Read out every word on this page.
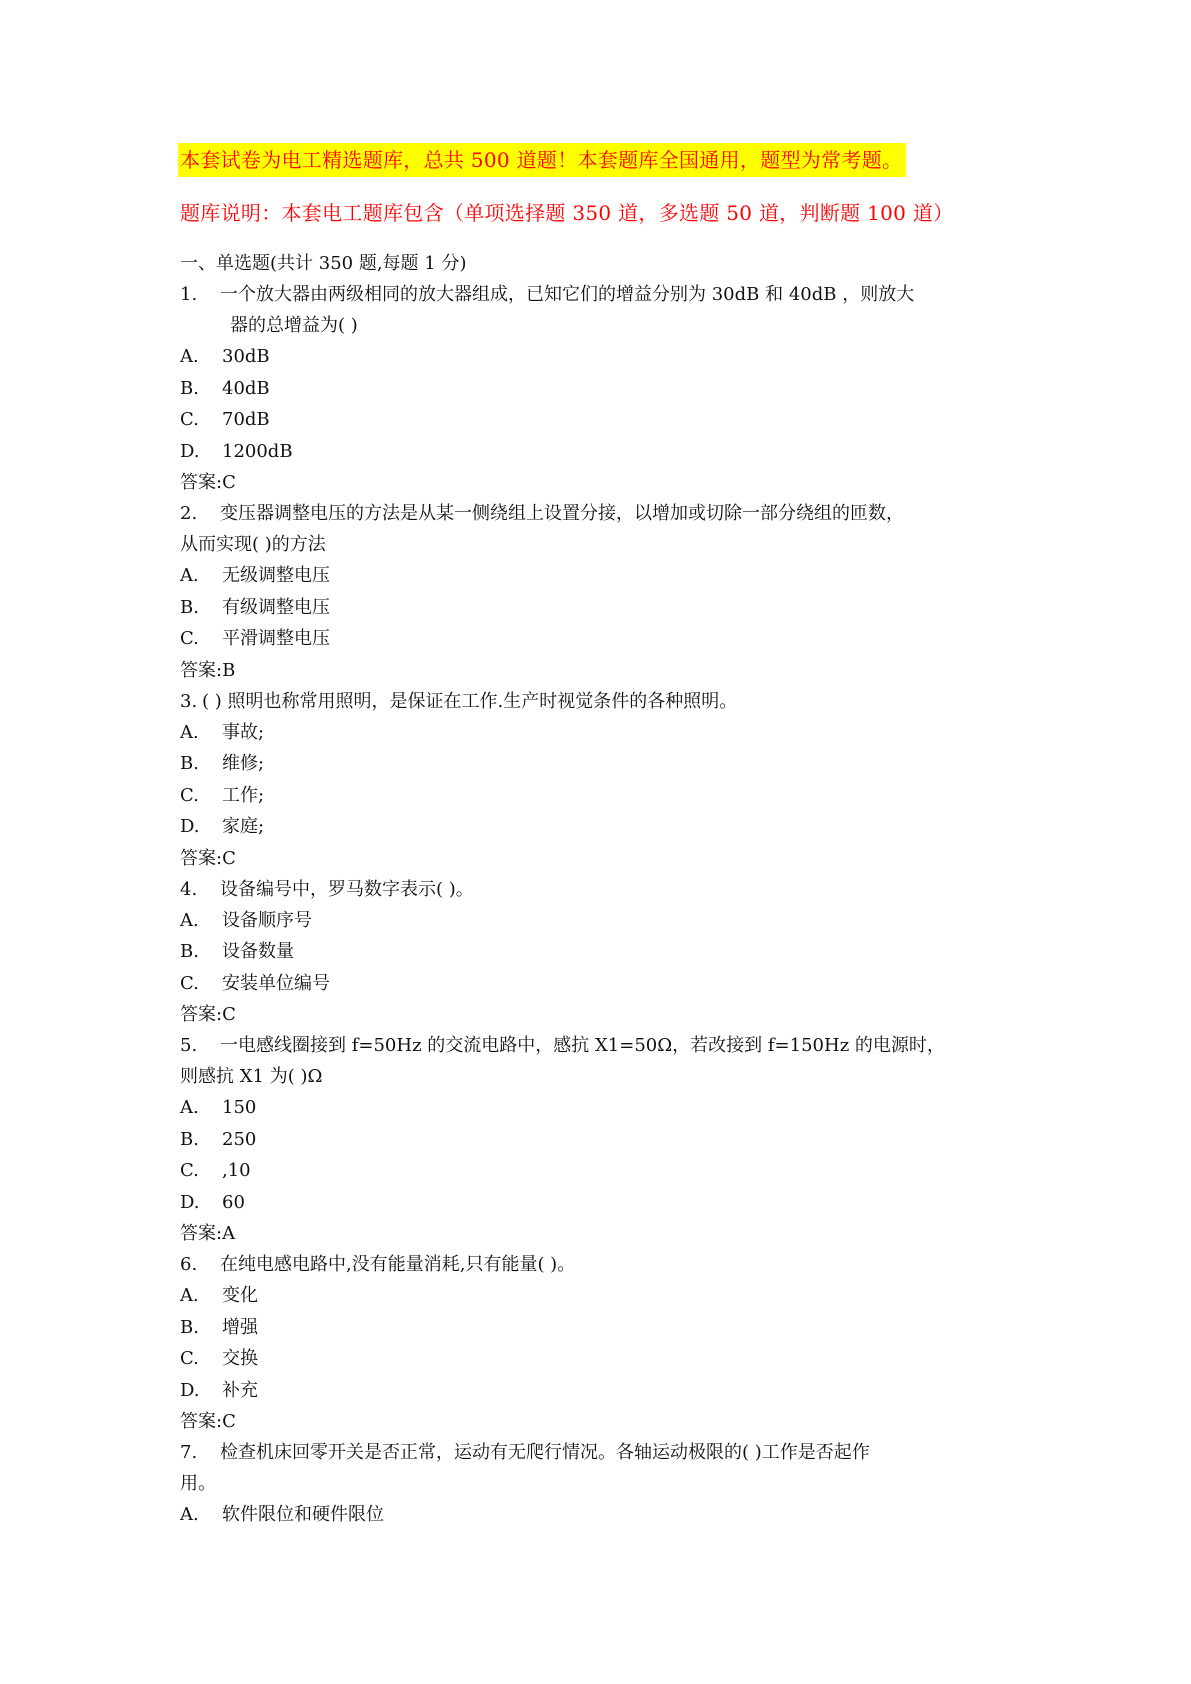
本套试卷为电工精选题库，总共 500 道题！本套题库全国通用，题型为常考题。
题库说明：本套电工题库包含（单项选择题 350 道，多选题 50 道，判断题 100 道）
一、单选题(共计 350 题,每题 1 分)
1. 一个放大器由两级相同的放大器组成，已知它们的增益分别为 30dB 和 40dB ，则放大
器的总增益为( )
A. 30dB
B. 40dB
C. 70dB
D. 1200dB
答案:C
2. 变压器调整电压的方法是从某一侧绕组上设置分接，以增加或切除一部分绕组的匝数，
从而实现( )的方法
A. 无级调整电压
B. 有级调整电压
C. 平滑调整电压
答案:B
3. ( ) 照明也称常用照明，是保证在工作.生产时视觉条件的各种照明。
A. 事故;
B. 维修;
C. 工作;
D. 家庭;
答案:C
4. 设备编号中，罗马数字表示( )。
A. 设备顺序号
B. 设备数量
C. 安装单位编号
答案:C
5. 一电感线圈接到 f=50Hz 的交流电路中，感抗 X1=50Ω，若改接到 f=150Hz 的电源时，
则感抗 X1 为( )Ω
A. 150
B. 250
C. ,10
D. 60
答案:A
6. 在纯电感电路中,没有能量消耗,只有能量( )。
A. 变化
B. 增强
C. 交换
D. 补充
答案:C
7. 检查机床回零开关是否正常，运动有无爬行情况。各轴运动极限的( )工作是否起作
用。
A. 软件限位和硬件限位
